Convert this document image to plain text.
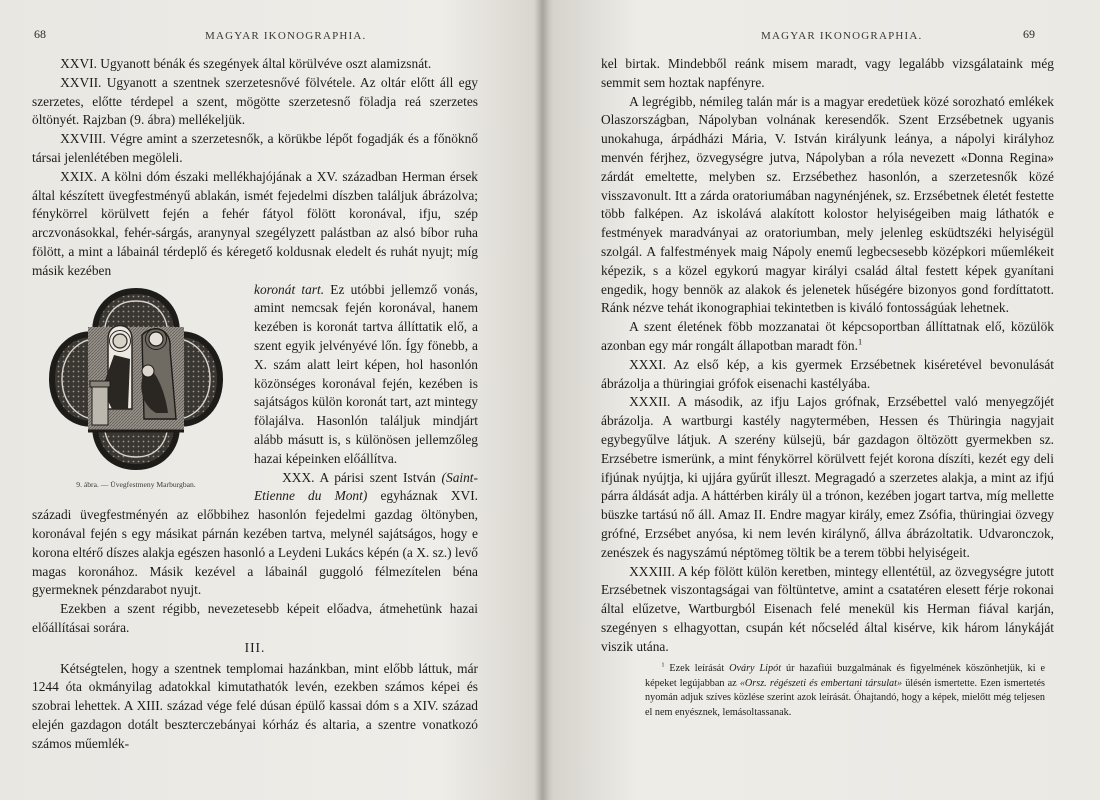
68	MAGYAR IKONOGRAPHIA.

XXVI. Ugyanott bénák és szegények által körülvéve oszt alamizsnát.

XXVII. Ugyanott a szentnek szerzetesnővé fölvétele. Az oltár előtt áll egy szerzetes, előtte térdepel a szent, mögötte szerzetesnő föladja reá szerzetes öltönyét. Rajzban (9. ábra) mellékeljük.

XXVIII. Végre amint a szerzetesnők, a körükbe lépőt fogadják és a főnöknő társai jelenlétében megöleli.

XXIX. A kölni dóm északi mellékhajójának a XV. században Herman érsek által készített üvegfestményű ablakán, ismét fejedelmi díszben találjuk ábrázolva; fénykörrel körülvett fején a fehér fátyol fölött koronával, ifju, szép arczvonásokkal, fehér-sárgás, aranynyal szegélyzett palástban az alsó bíbor ruha fölött, a mint a lábainál térdeplő és kéregető koldusnak eledelt és ruhát nyujt; míg másik kezében

9. ábra. — Üvegfestmeny Marburgban.

koronát tart. Ez utóbbi jellemző vonás, amint nemcsak fején koronával, hanem kezében is koronát tartva állíttatik elő, a szent egyik jelvényévé lőn. Így fönebb, a X. szám alatt leirt képen, hol hasonlón közönséges koronával fején, kezében is sajátságos külön koronát tart, azt mintegy fölajálva. Hasonlón találjuk mindjárt alább másutt is, s különösen jellemzőleg hazai képeinken előállítva.

XXX. A párisi szent István (Saint-Etienne du Mont) egyháznak XVI. századi üvegfestményén az előbbihez hasonlón fejedelmi gazdag öltönyben, koronával fején s egy másikat párnán kezében tartva, melynél sajátságos, hogy e korona eltérő díszes alakja egészen hasonló a Leydeni Lukács képén (a X. sz.) levő magas koronához. Másik kezével a lábainál guggoló félmezítelen béna gyermeknek pénzdarabot nyujt.

Ezekben a szent régibb, nevezetesebb képeit előadva, átmehetünk hazai előállításai sorára.

III.

Kétségtelen, hogy a szentnek templomai hazánkban, mint előbb láttuk, már 1244 óta okmányilag adatokkal kimutathatók levén, ezekben számos képei és szobrai lehettek. A XIII. század vége felé dúsan épülő kassai dóm s a XIV. század elején gazdagon dotált beszterczebányai kórház és altaria, a szentre vonatkozó számos műemlék-

MAGYAR IKONOGRAPHIA.	69

kel birtak. Mindebből reánk misem maradt, vagy legalább vizsgálataink még semmit sem hoztak napfényre.

A legrégibb, némileg talán már is a magyar eredetüek közé sorozható emlékek Olaszországban, Nápolyban volnának keresendők. Szent Erzsébetnek ugyanis unokahuga, árpádházi Mária, V. István királyunk leánya, a nápolyi királyhoz menvén férjhez, özvegységre jutva, Nápolyban a róla nevezett «Donna Regina» zárdát emeltette, melyben sz. Erzsébethez hasonlón, a szerzetesnők közé visszavonult. Itt a zárda oratoriumában nagynénjének, sz. Erzsébetnek életét festette több falképen. Az iskolává alakított kolostor helyiségeiben maig láthatók e festmények maradványai az oratoriumban, mely jelenleg esküdtszéki helyiségül szolgál. A falfestmények maig Nápoly enemű legbecsesebb középkori műemlékeit képezik, s a közel egykorú magyar királyi család által festett képek gyanítani engedik, hogy bennök az alakok és jelenetek hűségére bizonyos gond fordíttatott. Ránk nézve tehát ikonographiai tekintetben is kiváló fontosságúak lehetnek.

A szent életének föbb mozzanatai öt képcsoportban állíttatnak elő, közülök azonban egy már rongált állapotban maradt fön.$^1$

XXXI. Az első kép, a kis gyermek Erzsébetnek kiséretével bevonulását ábrázolja a thüringiai grófok eisenachi kastélyába.

XXXII. A második, az ifju Lajos grófnak, Erzsébettel való menyegzőjét ábrázolja. A wartburgi kastély nagytermében, Hessen és Thüringia nagyjait egybegyűlve látjuk. A szerény külsejü, bár gazdagon öltözött gyermekben sz. Erzsébetre ismerünk, a mint fénykörrel körülvett fejét korona díszíti, kezét egy deli ifjúnak nyújtja, ki ujjára gyűrűt illeszt. Megragadó a szerzetes alakja, a mint az ifjú párra áldását adja. A háttérben király ül a trónon, kezében jogart tartva, míg mellette büszke tartású nő áll. Amaz II. Endre magyar király, emez Zsófia, thüringiai özvegy grófné, Erzsébet anyósa, ki nem levén királynő, állva ábrázoltatik. Udvaronczok, zenészek és nagyszámú néptömeg töltik be a terem többi helyiségeit.

XXXIII. A kép fölött külön keretben, mintegy ellentétül, az özvegységre jutott Erzsébetnek viszontagságai van föltüntetve, amint a csatatéren elesett férje rokonai által elűzetve, Wartburgból Eisenach felé menekül kis Herman fiával karján, szegényen s elhagyottan, csupán két nőcseléd által kisérve, kik három lánykáját viszik utána.

$^1$ Ezek leírását Ováry Lipót úr hazafiúi buzgalmának és figyelmének köszönhetjük, ki e képeket legújabban az «Orsz. régészeti és embertani társulat» ülésén ismertette. Ezen ismertetés nyomán adjuk szíves közlése szerint azok leírását. Óhajtandó, hogy a képek, mielőtt még teljesen el nem enyésznek, lemásoltassanak.
